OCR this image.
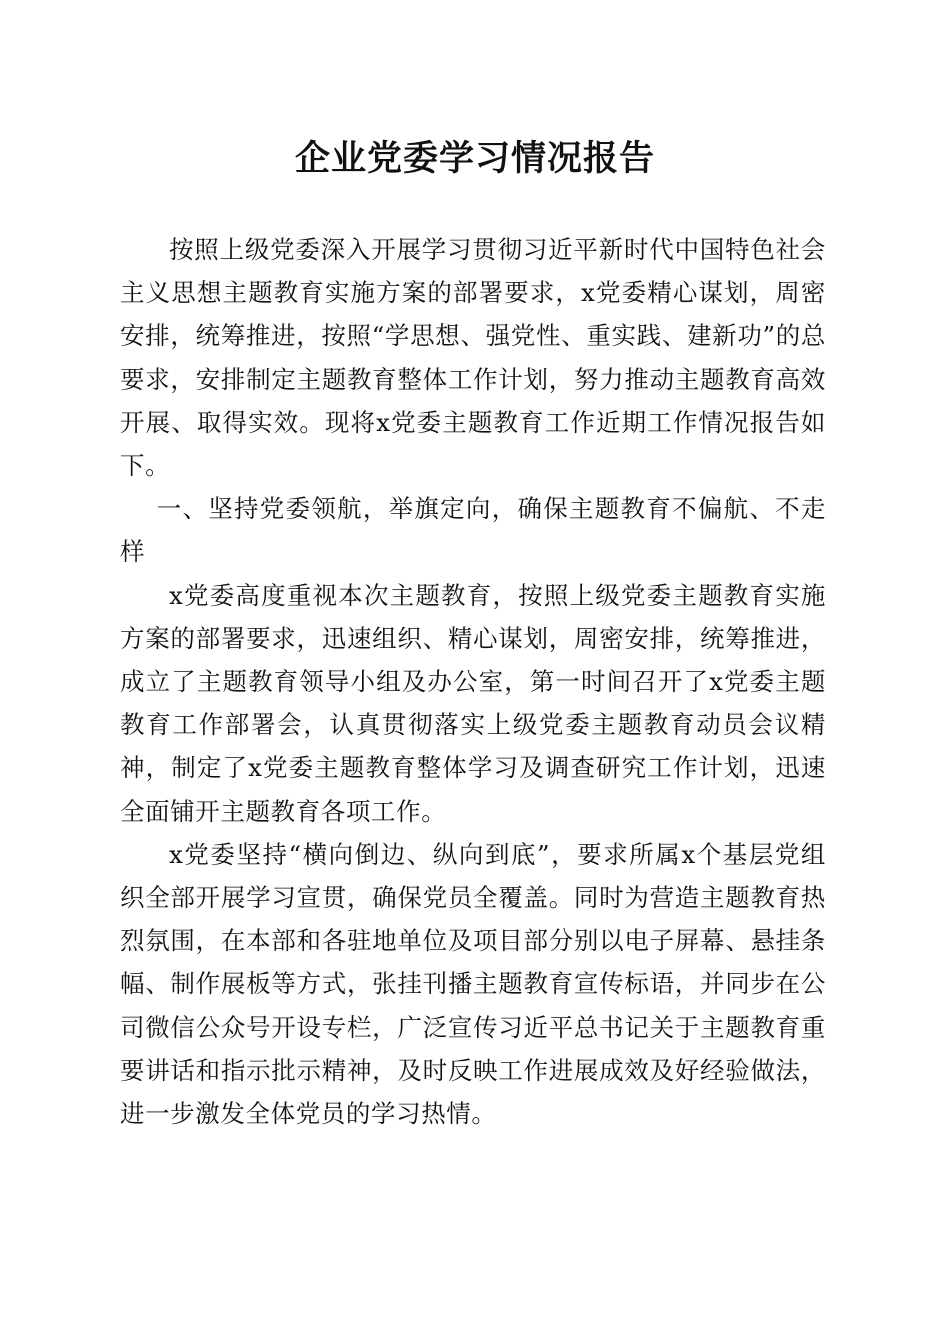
企业党委学习情况报告

按照上级党委深入开展学习贯彻习近平新时代中国特色社会主义思想主题教育实施方案的部署要求，x党委精心谋划，周密安排，统筹推进，按照“学思想、强党性、重实践、建新功”的总要求，安排制定主题教育整体工作计划，努力推动主题教育高效开展、取得实效。现将x党委主题教育工作近期工作情况报告如下。

一、坚持党委领航，举旗定向，确保主题教育不偏航、不走样

x党委高度重视本次主题教育，按照上级党委主题教育实施方案的部署要求，迅速组织、精心谋划，周密安排，统筹推进，成立了主题教育领导小组及办公室，第一时间召开了x党委主题教育工作部署会，认真贯彻落实上级党委主题教育动员会议精神，制定了x党委主题教育整体学习及调查研究工作计划，迅速全面铺开主题教育各项工作。

x党委坚持“横向倒边、纵向到底”，要求所属x个基层党组织全部开展学习宣贯，确保党员全覆盖。同时为营造主题教育热烈氛围，在本部和各驻地单位及项目部分别以电子屏幕、悬挂条幅、制作展板等方式，张挂刊播主题教育宣传标语，并同步在公司微信公众号开设专栏，广泛宣传习近平总书记关于主题教育重要讲话和指示批示精神，及时反映工作进展成效及好经验做法，进一步激发全体党员的学习热情。
